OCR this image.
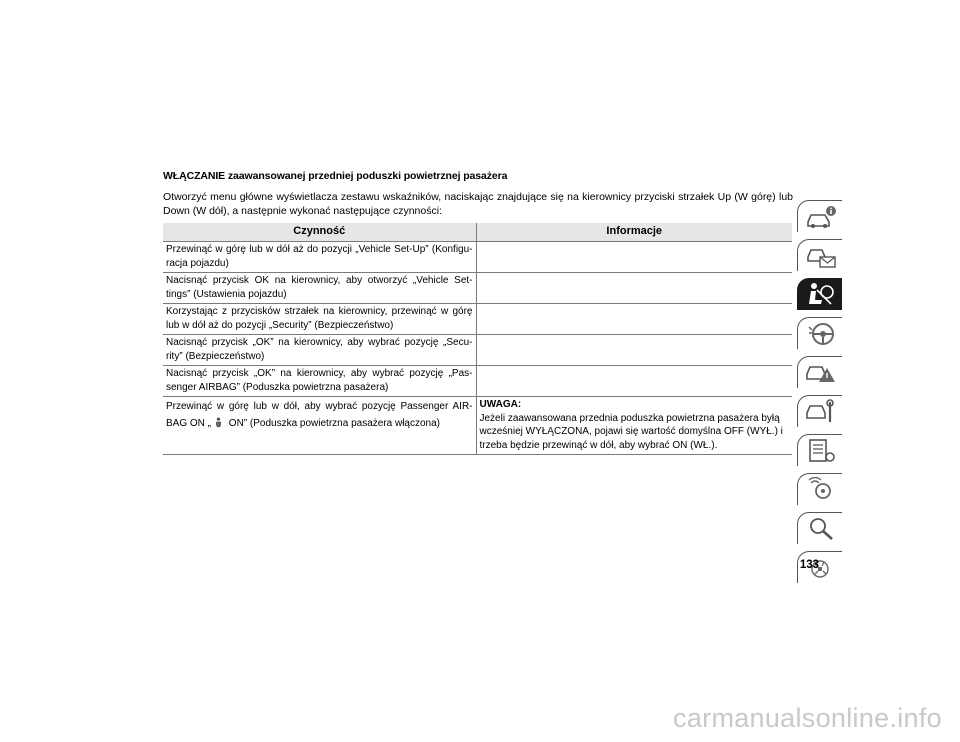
WŁĄCZANIE zaawansowanej przedniej poduszki powietrznej pasażera
Otworzyć menu główne wyświetlacza zestawu wskaźników, naciskając znajdujące się na kierownicy przyciski strzałek Up (W górę) lub Down (W dół), a następnie wykonać następujące czynności:
Czynność	Informacje
Przewinąć w górę lub w dół aż do pozycji „Vehicle Set-Up” (Konfigu-racja pojazdu)	
Nacisnąć przycisk OK na kierownicy, aby otworzyć „Vehicle Set-tings” (Ustawienia pojazdu)	
Korzystając z przycisków strzałek na kierownicy, przewinąć w górę lub w dół aż do pozycji „Security” (Bezpieczeństwo)	
Nacisnąć przycisk „OK” na kierownicy, aby wybrać pozycję „Secu-rity” (Bezpieczeństwo)	
Nacisnąć przycisk „OK” na kierownicy, aby wybrać pozycję „Pas-senger AIRBAG” (Poduszka powietrzna pasażera)	
Przewinąć w górę lub w dół, aby wybrać pozycję Passenger AIR-BAG ON „ ON” (Poduszka powietrzna pasażera włączona)	UWAGA:
Jeżeli zaawansowana przednia poduszka powietrzna pasażera byłą wcześniej WYŁĄCZONA, pojawi się wartość domyślna OFF (WYŁ.) i trzeba będzie przewinąć w dół, aby wybrać ON (WŁ.).
133
carmanualsonline.info
